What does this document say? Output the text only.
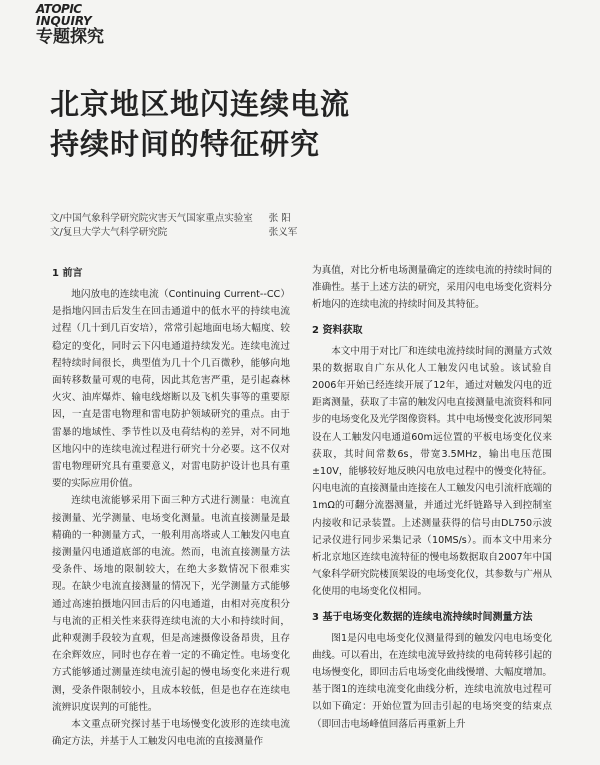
ATOPIC
INQUIRY
专题探究
北京地区地闪连续电流
持续时间的特征研究
文/ 中国气象科学研究院灾害天气国家重点实验室	张 阳
文/ 复旦大学大气科学研究院	张义军
1 前言

地闪放电的连续电流（Continuing Current--CC）是指地闪回击后发生在回击通道中的低水平的持续电流过程（几十到几百安培），常常引起地面电场大幅度、较稳定的变化，同时云下闪电通道持续发光。连续电流过程特续时间很长，典型值为几十个几百微秒，能够向地面转移数量可观的电荷，因此其危害严重，是引起森林火灾、油库爆炸、输电线熔断以及飞机失事等的重要原因，一直是雷电物理和雷电防护领域研究的重点。由于雷暴的地域性、季节性以及电荷结构的差异，对不同地区地闪中的连续电流过程进行研究十分必要。这不仅对雷电物理研究具有重要意义，对雷电防护设计也具有重要的实际应用价值。

连续电流能够采用下面三种方式进行测量：电流直接测量、光学测量、电场变化测量。电流直接测量是最精确的一种测量方式，一般利用高塔或人工触发闪电直接测量闪电通道底部的电流。然而，电流直接测量方法受条件、场地的限制较大，在绝大多数情况下很难实现。在缺少电流直接测量的情况下，光学测量方式能够通过高速拍摄地闪回击后的闪电通道，由相对亮度积分与电流的正相关性来获得连续电流的大小和持续时间，此种观测手段较为直观，但是高速摄像设备昂贵，且存在余辉效应，同时也存在着一定的不确定性。电场变化方式能够通过测量连续电流引起的慢电场变化来进行观测，受条件限制较小，且成本较低，但是也存在连续电流辨识度误判的可能性。

本文重点研究探讨基于电场慢变化波形的连续电流确定方法，并基于人工触发闪电电流的直接测量作

为真值，对比分析电场测量确定的连续电流的持续时间的准确性。基于上述方法的研究，采用闪电电场变化资料分析地闪的连续电流的持续时间及其特征。

2 资料获取

本文中用于对比厂和连续电流持续时间的测量方式效果的数据取自广东从化人工触发闪电试验。该试验自2006年开始已经连续开展了12年，通过对触发闪电的近距离测量，获取了丰富的触发闪电直接测量电流资料和同步的电场变化及光学图像资料。其中电场慢变化波形同架设在人工触发闪电通道60m远位置的平板电场变化仪来获取，其时间常数6s，带宽3.5MHz，输出电压范围±10V，能够较好地反映闪电放电过程中的慢变化特征。闪电电流的直接测量由连接在人工触发闪电引流杆底端的1mΩ的可翻分流器测量，并通过光纤链路导入到控制室内接收和记录装置。上述测量获得的信号由DL750示波记录仪进行同步采集记录（10MS/s）。而本文中用来分析北京地区连续电流特征的慢电场数据取自2007年中国气象科学研究院楼顶架设的电场变化仪，其参数与广州从化使用的电场变化仪相同。

3 基于电场变化数据的连续电流持续时间测量方法

图1是闪电电场变化仪测量得到的触发闪电电场变化曲线。可以看出，在连续电流导致持续的电荷转移引起的电场慢变化，即回击后电场变化曲线慢增、大幅度增加。基于图1的连续电流变化曲线分析，连续电流放电过程可以如下确定：开始位置为回击引起的电场突变的结束点（即回击电场峰值回落后再重新上升
